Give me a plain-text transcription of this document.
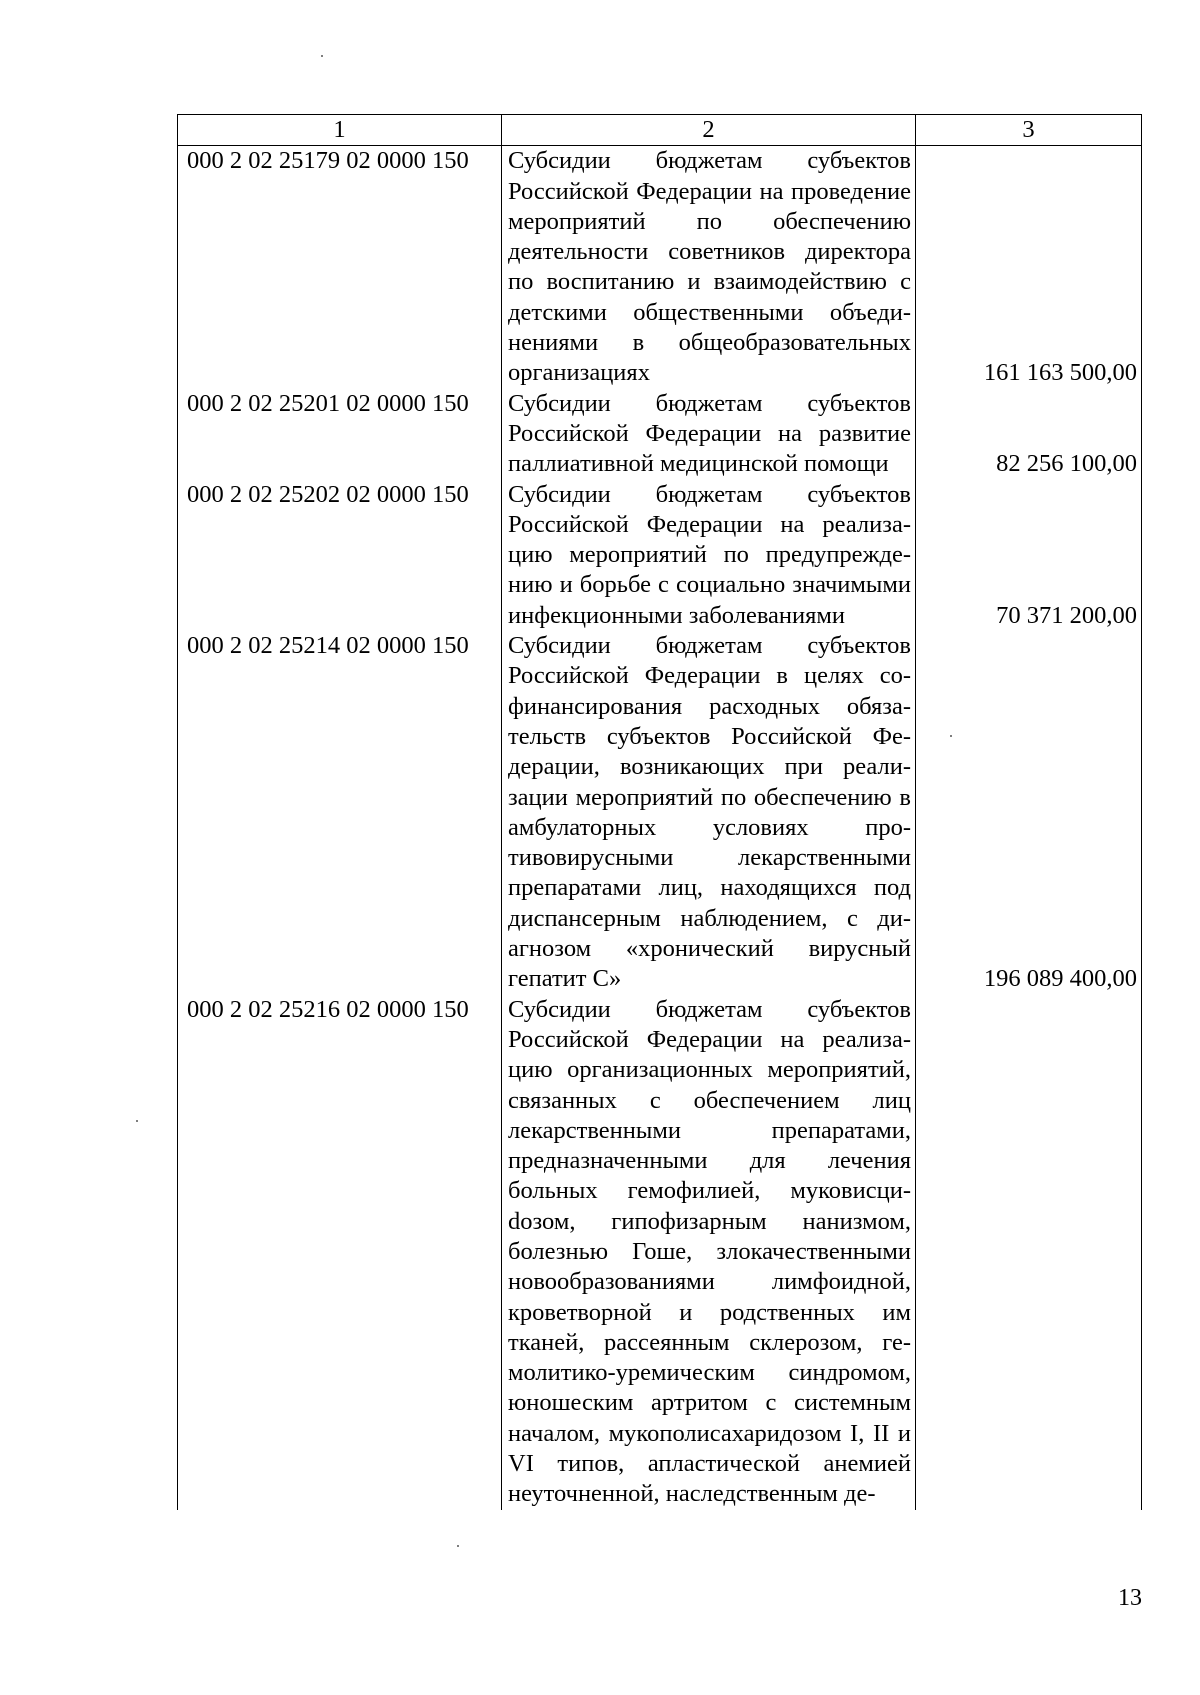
1	2	3
000 2 02 25179 02 0000 150	Субсидии бюджетам субъектов Российской Федерации на проведение мероприятий по обеспечению деятельности советников директора по воспитанию и взаимодействию с детскими общественными объединениями в общеобразовательных организациях	161 163 500,00
000 2 02 25201 02 0000 150	Субсидии бюджетам субъектов Российской Федерации на развитие паллиативной медицинской помощи	82 256 100,00
000 2 02 25202 02 0000 150	Субсидии бюджетам субъектов Российской Федерации на реализацию мероприятий по предупреждению и борьбе с социально значимыми инфекционными заболеваниями	70 371 200,00
000 2 02 25214 02 0000 150	Субсидии бюджетам субъектов Российской Федерации в целях софинансирования расходных обязательств субъектов Российской Федерации, возникающих при реализации мероприятий по обеспечению в амбулаторных условиях противовирусными лекарственными препаратами лиц, находящихся под диспансерным наблюдением, с диагнозом «хронический вирусный гепатит С»	196 089 400,00
000 2 02 25216 02 0000 150	Субсидии бюджетам субъектов Российской Федерации на реализацию организационных мероприятий, связанных с обеспечением лиц лекарственными препаратами, предназначенными для лечения больных гемофилией, муковисциdозом, гипофизарным нанизмом, болезнью Гоше, злокачественными новообразованиями лимфоидной, кроветворной и родственных им тканей, рассеянным склерозом, гемолитико-уремическим синдромом, юношеским артритом с системным началом, мукополисахаридозом I, II и VI типов, апластической анемией неуточненной, наследственным де-	
13
